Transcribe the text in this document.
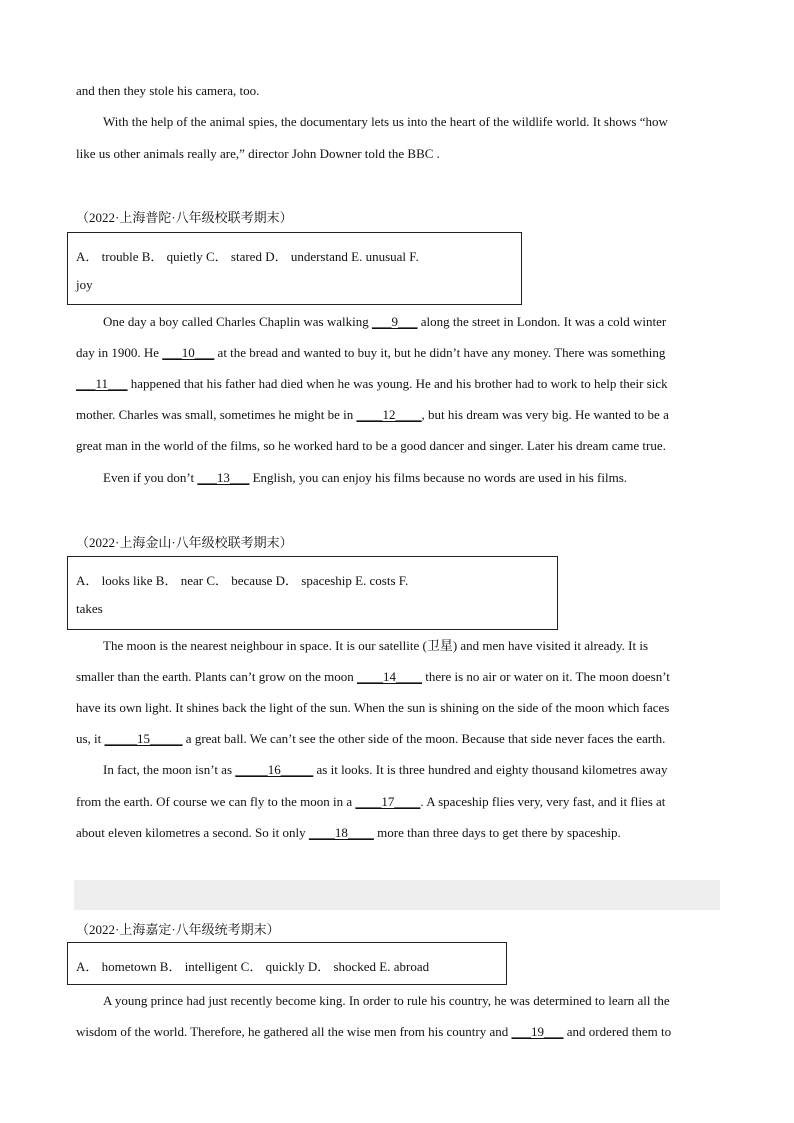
and then they stole his camera, too.
With the help of the animal spies, the documentary lets us into the heart of the wildlife world. It shows “how
like us other animals really are,” director John Downer told the BBC .
（2022·上海普陀·八年级校联考期末）
A． trouble B． quietly C． stared D． understand E. unusual F.
joy
One day a boy called Charles Chaplin was walking ___9___ along the street in London. It was a cold winter
day in 1900. He ___10___ at the bread and wanted to buy it, but he didn’t have any money. There was something
___11___ happened that his father had died when he was young. He and his brother had to work to help their sick
mother. Charles was small, sometimes he might be in ____12____, but his dream was very big. He wanted to be a
great man in the world of the films, so he worked hard to be a good dancer and singer. Later his dream came true.
Even if you don’t ___13___ English, you can enjoy his films because no words are used in his films.
（2022·上海金山·八年级校联考期末）
A． looks like B． near C． because D． spaceship E. costs F.
takes
The moon is the nearest neighbour in space. It is our satellite (卫星) and men have visited it already. It is
smaller than the earth. Plants can’t grow on the moon ____14____ there is no air or water on it. The moon doesn’t
have its own light. It shines back the light of the sun. When the sun is shining on the side of the moon which faces
us, it _____15_____ a great ball. We can’t see the other side of the moon. Because that side never faces the earth.
In fact, the moon isn’t as _____16_____ as it looks. It is three hundred and eighty thousand kilometres away
from the earth. Of course we can fly to the moon in a ____17____. A spaceship flies very, very fast, and it flies at
about eleven kilometres a second. So it only ____18____ more than three days to get there by spaceship.
（2022·上海嘉定·八年级统考期末）
A． hometown B． intelligent C． quickly D． shocked E. abroad
A young prince had just recently become king. In order to rule his country, he was determined to learn all the
wisdom of the world. Therefore, he gathered all the wise men from his country and ___19___ and ordered them to
